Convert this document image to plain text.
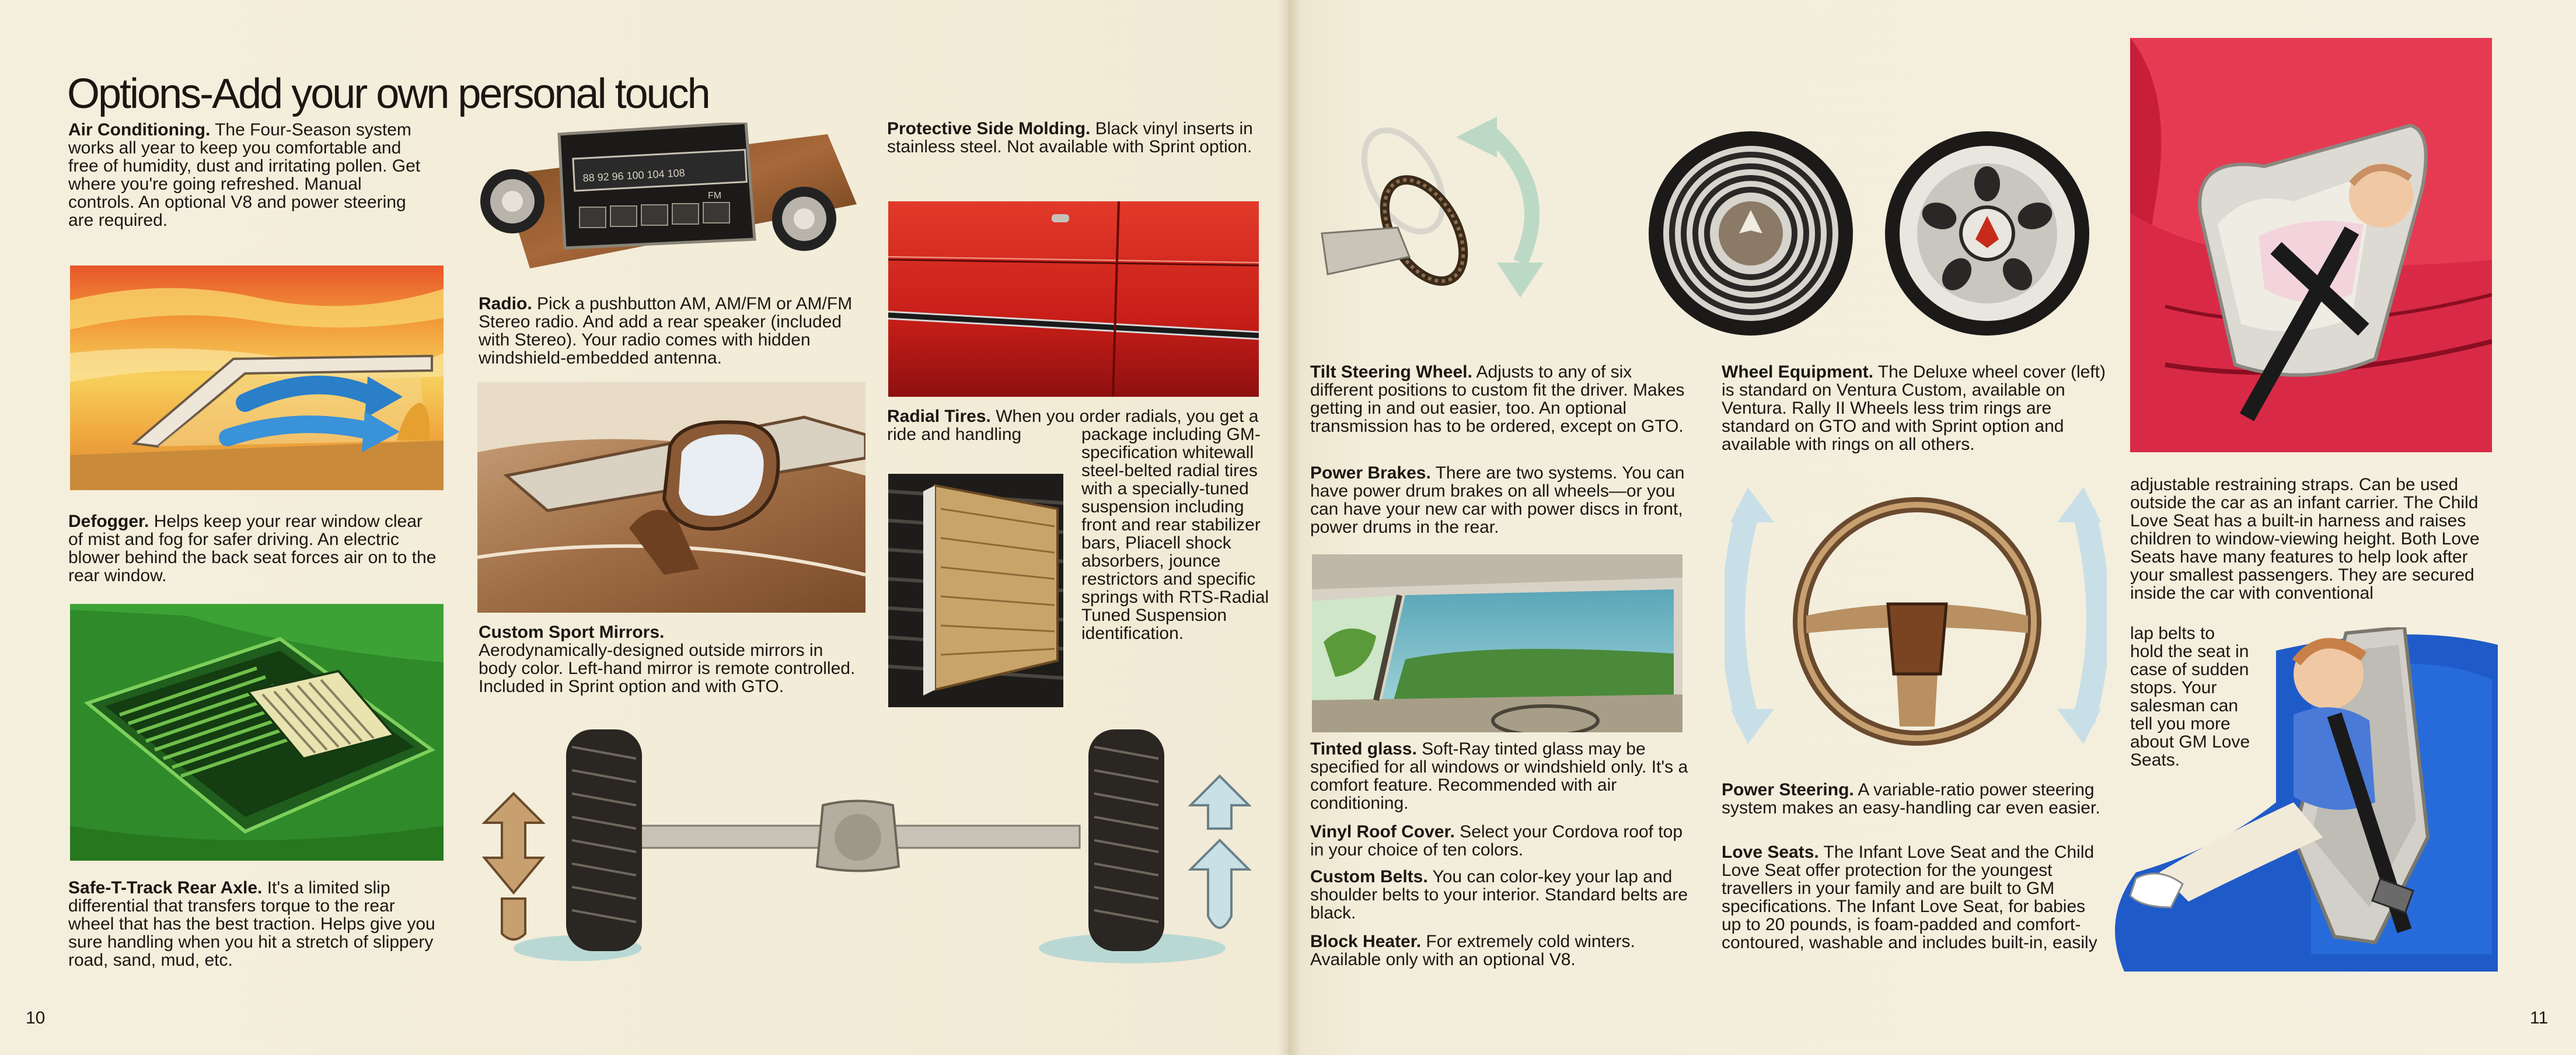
Options-Add your own personal touch
Air Conditioning. The Four-Season system works all year to keep you comfortable and free of humidity, dust and irritating pollen. Get where you're going refreshed. Manual controls. An optional V8 and power steering are required.
Defogger. Helps keep your rear window clear of mist and fog for safer driving. An electric blower behind the back seat forces air on to the rear window.
Safe-T-Track Rear Axle. It's a limited slip differential that transfers torque to the rear wheel that has the best traction. Helps give you sure handling when you hit a stretch of slippery road, sand, mud, etc.
88 92 96 100 104 108
FM
Radio. Pick a pushbutton AM, AM/FM or AM/FM Stereo radio. And add a rear speaker (included with Stereo). Your radio comes with hidden windshield-embedded antenna.
Custom Sport Mirrors.
Aerodynamically-designed outside mirrors in body color. Left-hand mirror is remote controlled. Included in Sprint option and with GTO.
Protective Side Molding. Black vinyl inserts in stainless steel. Not available with Sprint option.
Radial Tires. When you order radials, you get a ride and handling	package including GM-specification whitewall steel-belted radial tires with a specially-tuned suspension including front and rear stabilizer bars, Pliacell shock absorbers, jounce restrictors and specific springs with RTS-Radial Tuned Suspension identification.
10
Tilt Steering Wheel. Adjusts to any of six different positions to custom fit the driver. Makes getting in and out easier, too. An optional transmission has to be ordered, except on GTO.
Power Brakes. There are two systems. You can have power drum brakes on all wheels—or you can have your new car with power discs in front, power drums in the rear.
Tinted glass. Soft-Ray tinted glass may be specified for all windows or windshield only. It's a comfort feature. Recommended with air conditioning.
Vinyl Roof Cover. Select your Cordova roof top in your choice of ten colors.
Custom Belts. You can color-key your lap and shoulder belts to your interior. Standard belts are black.
Block Heater. For extremely cold winters. Available only with an optional V8.
Wheel Equipment. The Deluxe wheel cover (left) is standard on Ventura Custom, available on Ventura. Rally II Wheels less trim rings are standard on GTO and with Sprint option and available with rings on all others.
Power Steering. A variable-ratio power steering system makes an easy-handling car even easier.
Love Seats. The Infant Love Seat and the Child Love Seat offer protection for the youngest travellers in your family and are built to GM specifications. The Infant Love Seat, for babies up to 20 pounds, is foam-padded and comfort-contoured, washable and includes built-in, easily
adjustable restraining straps. Can be used outside the car as an infant carrier. The Child Love Seat has a built-in harness and raises children to window-viewing height. Both Love Seats have many features to help look after your smallest passengers. They are secured inside the car with conventional
lap belts to hold the seat in case of sudden stops. Your salesman can tell you more about GM Love Seats.
11
